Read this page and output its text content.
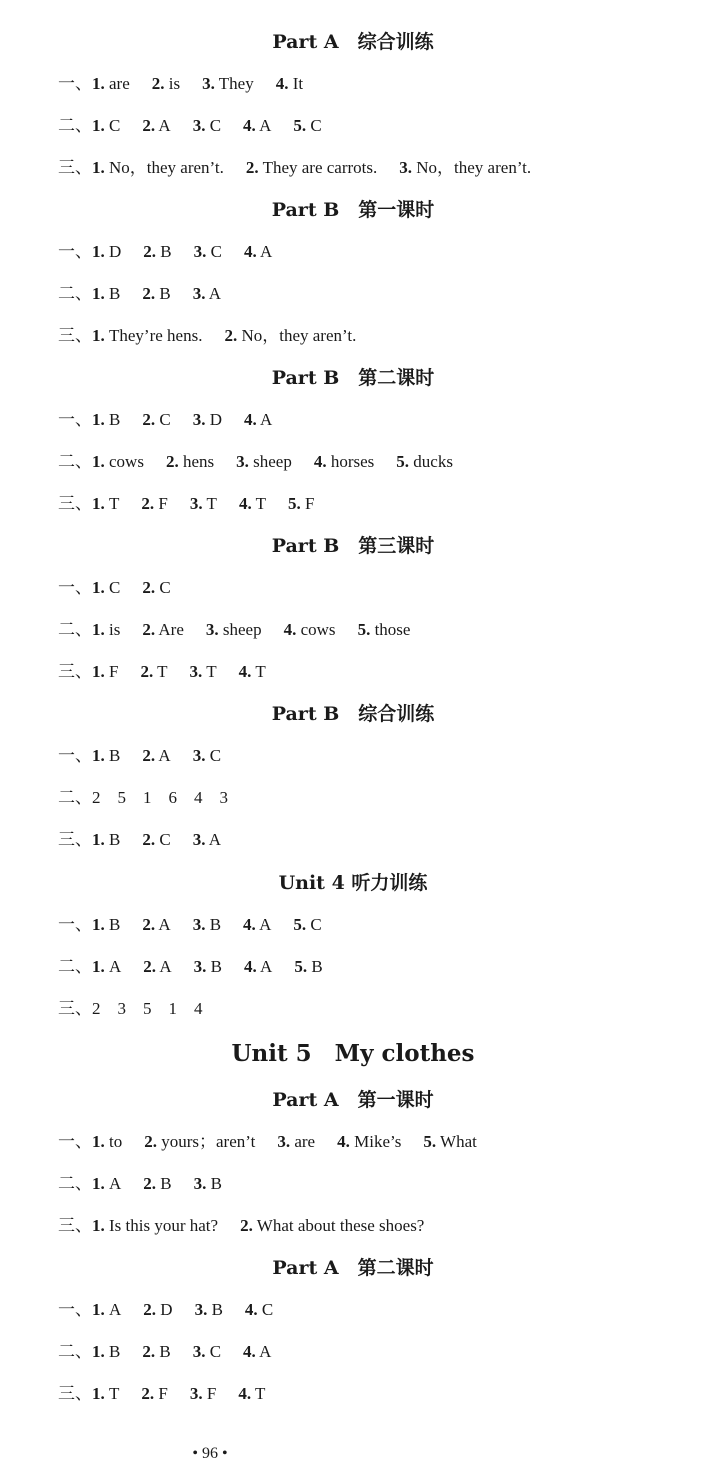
Part A　综合训练
一、1. are 2. is 3. They 4. It
二、1. C 2. A 3. C 4. A 5. C
三、1. No，they aren’t. 2. They are carrots. 3. No，they aren’t.
Part B　第一课时
一、1. D 2. B 3. C 4. A
二、1. B 2. B 3. A
三、1. They’re hens. 2. No，they aren’t.
Part B　第二课时
一、1. B 2. C 3. D 4. A
二、1. cows 2. hens 3. sheep 4. horses 5. ducks
三、1. T 2. F 3. T 4. T 5. F
Part B　第三课时
一、1. C 2. C
二、1. is 2. Are 3. sheep 4. cows 5. those
三、1. F 2. T 3. T 4. T
Part B　综合训练
一、1. B 2. A 3. C
二、2　5　1　6　4　3
三、1. B 2. C 3. A
Unit 4 听力训练
一、1. B 2. A 3. B 4. A 5. C
二、1. A 2. A 3. B 4. A 5. B
三、2　3　5　1　4
Unit 5　My clothes
Part A　第一课时
一、1. to 2. yours；aren’t 3. are 4. Mike’s 5. What
二、1. A 2. B 3. B
三、1. Is this your hat? 2. What about these shoes?
Part A　第二课时
一、1. A 2. D 3. B 4. C
二、1. B 2. B 3. C 4. A
三、1. T 2. F 3. F 4. T
• 96 •
